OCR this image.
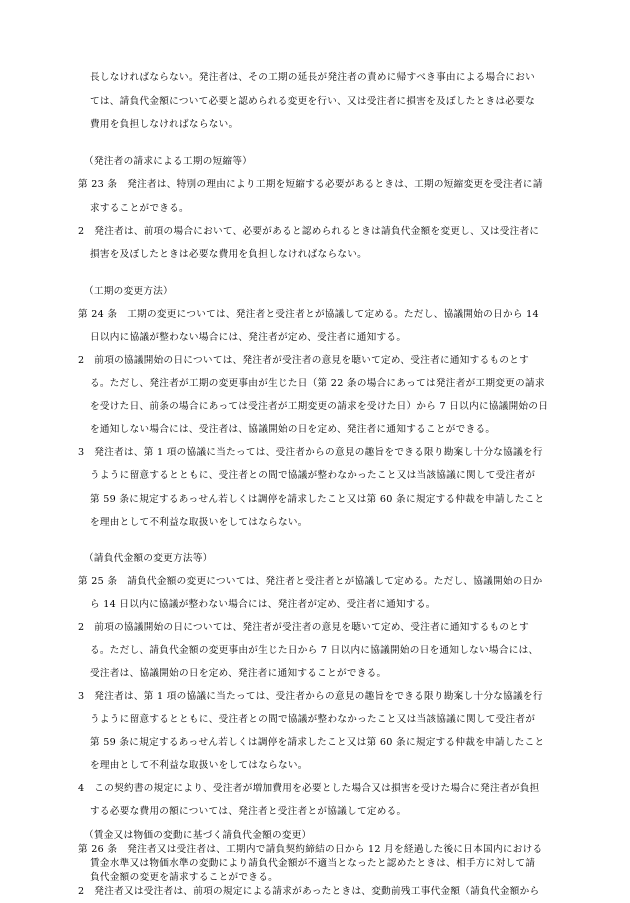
長しなければならない。発注者は、その工期の延長が発注者の責めに帰すべき事由による場合におい
ては、請負代金額について必要と認められる変更を行い、又は受注者に損害を及ぼしたときは必要な
費用を負担しなければならない。
（発注者の請求による工期の短縮等）
第 23 条　発注者は、特別の理由により工期を短縮する必要があるときは、工期の短縮変更を受注者に請
求することができる。
2　発注者は、前項の場合において、必要があると認められるときは請負代金額を変更し、又は受注者に
損害を及ぼしたときは必要な費用を負担しなければならない。
（工期の変更方法）
第 24 条　工期の変更については、発注者と受注者とが協議して定める。ただし、協議開始の日から 14
日以内に協議が整わない場合には、発注者が定め、受注者に通知する。
2　前項の協議開始の日については、発注者が受注者の意見を聴いて定め、受注者に通知するものとす
る。ただし、発注者が工期の変更事由が生じた日（第 22 条の場合にあっては発注者が工期変更の請求
を受けた日、前条の場合にあっては受注者が工期変更の請求を受けた日）から 7 日以内に協議開始の日
を通知しない場合には、受注者は、協議開始の日を定め、発注者に通知することができる。
3　発注者は、第 1 項の協議に当たっては、受注者からの意見の趣旨をできる限り勘案し十分な協議を行
うように留意するとともに、受注者との間で協議が整わなかったこと又は当該協議に関して受注者が
第 59 条に規定するあっせん若しくは調停を請求したこと又は第 60 条に規定する仲裁を申請したこと
を理由として不利益な取扱いをしてはならない。
（請負代金額の変更方法等）
第 25 条　請負代金額の変更については、発注者と受注者とが協議して定める。ただし、協議開始の日か
ら 14 日以内に協議が整わない場合には、発注者が定め、受注者に通知する。
2　前項の協議開始の日については、発注者が受注者の意見を聴いて定め、受注者に通知するものとす
る。ただし、請負代金額の変更事由が生じた日から 7 日以内に協議開始の日を通知しない場合には、
受注者は、協議開始の日を定め、発注者に通知することができる。
3　発注者は、第 1 項の協議に当たっては、受注者からの意見の趣旨をできる限り勘案し十分な協議を行
うように留意するとともに、受注者との間で協議が整わなかったこと又は当該協議に関して受注者が
第 59 条に規定するあっせん若しくは調停を請求したこと又は第 60 条に規定する仲裁を申請したこと
を理由として不利益な取扱いをしてはならない。
4　この契約書の規定により、受注者が増加費用を必要とした場合又は損害を受けた場合に発注者が負担
する必要な費用の額については、発注者と受注者とが協議して定める。
（賃金又は物価の変動に基づく請負代金額の変更）
第 26 条　発注者又は受注者は、工期内で請負契約締結の日から 12 月を経過した後に日本国内における
賃金水準又は物価水準の変動により請負代金額が不適当となったと認めたときは、相手方に対して請
負代金額の変更を請求することができる。
2　発注者又は受注者は、前項の規定による請求があったときは、変動前残工事代金額（請負代金額から
